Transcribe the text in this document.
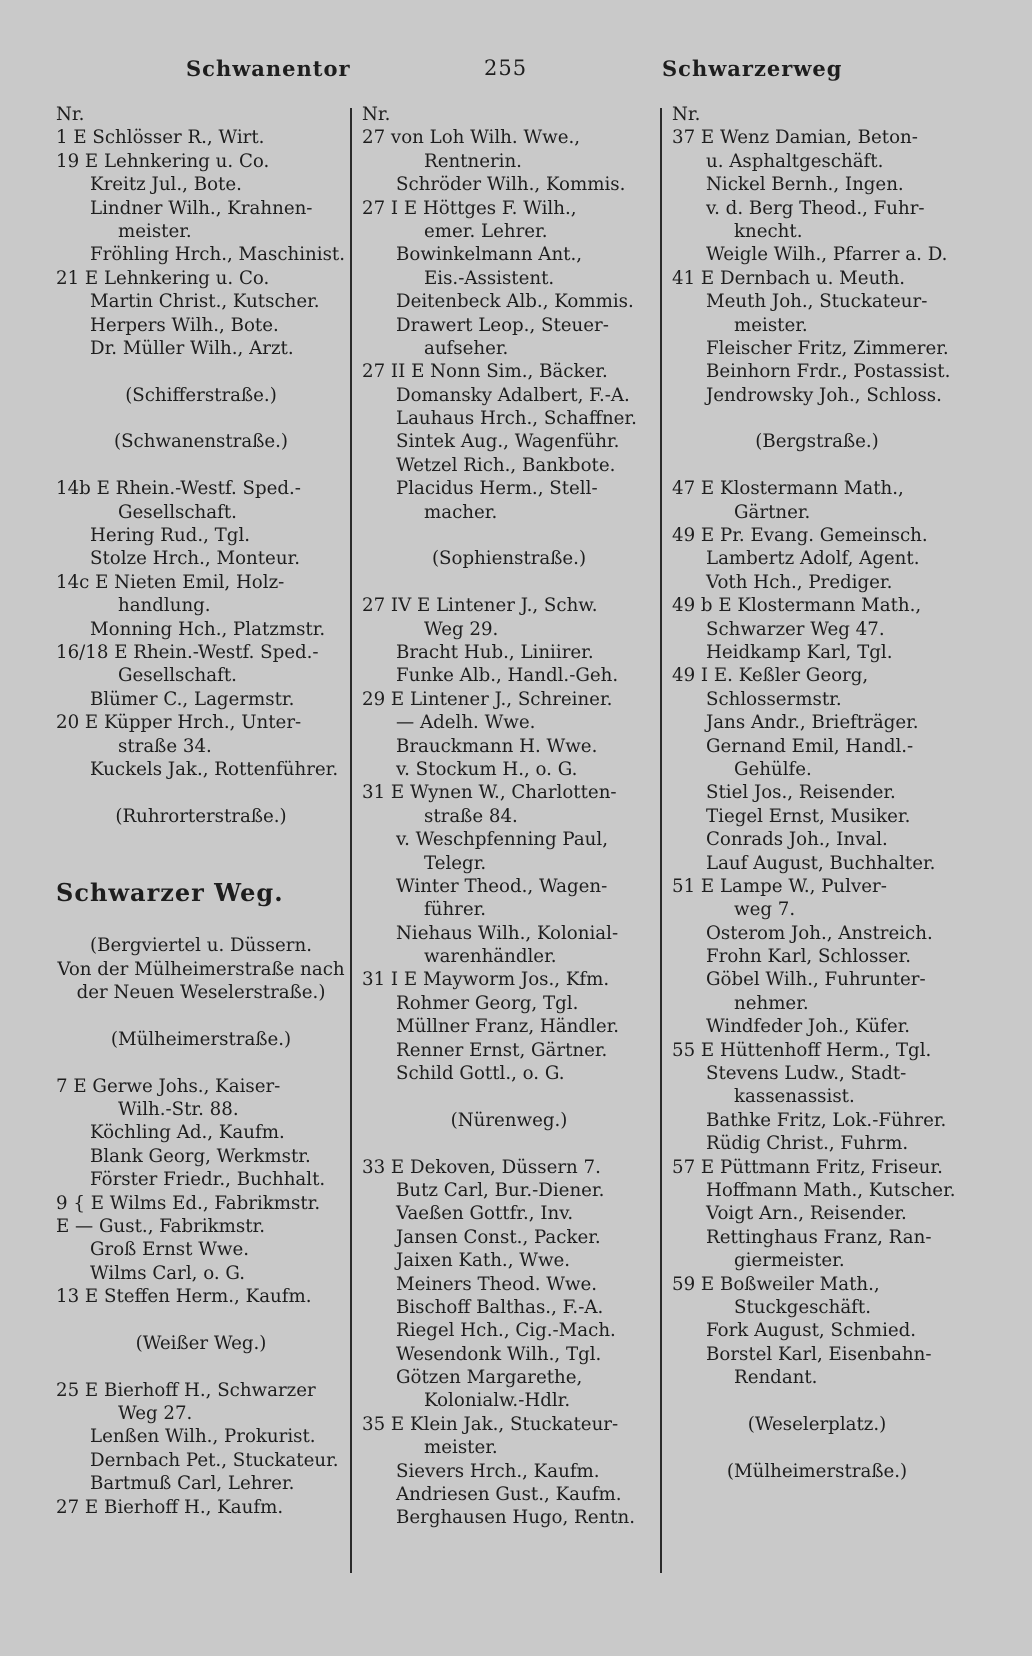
Schwanentor	255	Schwarzerweg
Nr.
1 E Schlösser R., Wirt.
19 E Lehnkering u. Co.
Kreitz Jul., Bote.
Lindner Wilh., Krahnen-
meister.
Fröhling Hrch., Maschinist.
21 E Lehnkering u. Co.
Martin Christ., Kutscher.
Herpers Wilh., Bote.
Dr. Müller Wilh., Arzt.
(Schifferstraße.)
(Schwanenstraße.)
14b E Rhein.-Westf. Sped.-
Gesellschaft.
Hering Rud., Tgl.
Stolze Hrch., Monteur.
14c E Nieten Emil, Holz-
handlung.
Monning Hch., Platzmstr.
16/18 E Rhein.-Westf. Sped.-
Gesellschaft.
Blümer C., Lagermstr.
20 E Küpper Hrch., Unter-
straße 34.
Kuckels Jak., Rottenführer.
(Ruhrorterstraße.)
Schwarzer Weg.
(Bergviertel u. Düssern.
Von der Mülheimerstraße nach
der Neuen Weselerstraße.)
(Mülheimerstraße.)
7 E Gerwe Johs., Kaiser-
Wilh.-Str. 88.
Köchling Ad., Kaufm.
Blank Georg, Werkmstr.
Förster Friedr., Buchhalt.
9 { E Wilms Ed., Fabrikmstr.
E — Gust., Fabrikmstr.
Groß Ernst Wwe.
Wilms Carl, o. G.
13 E Steffen Herm., Kaufm.
(Weißer Weg.)
25 E Bierhoff H., Schwarzer
Weg 27.
Lenßen Wilh., Prokurist.
Dernbach Pet., Stuckateur.
Bartmuß Carl, Lehrer.
27 E Bierhoff H., Kaufm.
Nr.
27 von Loh Wilh. Wwe.,
Rentnerin.
Schröder Wilh., Kommis.
27 I E Höttges F. Wilh.,
emer. Lehrer.
Bowinkelmann Ant.,
Eis.-Assistent.
Deitenbeck Alb., Kommis.
Drawert Leop., Steuer-
aufseher.
27 II E Nonn Sim., Bäcker.
Domansky Adalbert, F.-A.
Lauhaus Hrch., Schaffner.
Sintek Aug., Wagenführ.
Wetzel Rich., Bankbote.
Placidus Herm., Stell-
macher.
(Sophienstraße.)
27 IV E Lintener J., Schw.
Weg 29.
Bracht Hub., Liniirer.
Funke Alb., Handl.-Geh.
29 E Lintener J., Schreiner.
— Adelh. Wwe.
Brauckmann H. Wwe.
v. Stockum H., o. G.
31 E Wynen W., Charlotten-
straße 84.
v. Weschpfenning Paul,
Telegr.
Winter Theod., Wagen-
führer.
Niehaus Wilh., Kolonial-
warenhändler.
31 I E Mayworm Jos., Kfm.
Rohmer Georg, Tgl.
Müllner Franz, Händler.
Renner Ernst, Gärtner.
Schild Gottl., o. G.
(Nürenweg.)
33 E Dekoven, Düssern 7.
Butz Carl, Bur.-Diener.
Vaeßen Gottfr., Inv.
Jansen Const., Packer.
Jaixen Kath., Wwe.
Meiners Theod. Wwe.
Bischoff Balthas., F.-A.
Riegel Hch., Cig.-Mach.
Wesendonk Wilh., Tgl.
Götzen Margarethe,
Kolonialw.-Hdlr.
35 E Klein Jak., Stuckateur-
meister.
Sievers Hrch., Kaufm.
Andriesen Gust., Kaufm.
Berghausen Hugo, Rentn.
Nr.
37 E Wenz Damian, Beton-
u. Asphaltgeschäft.
Nickel Bernh., Ingen.
v. d. Berg Theod., Fuhr-
knecht.
Weigle Wilh., Pfarrer a. D.
41 E Dernbach u. Meuth.
Meuth Joh., Stuckateur-
meister.
Fleischer Fritz, Zimmerer.
Beinhorn Frdr., Postassist.
Jendrowsky Joh., Schloss.
(Bergstraße.)
47 E Klostermann Math.,
Gärtner.
49 E Pr. Evang. Gemeinsch.
Lambertz Adolf, Agent.
Voth Hch., Prediger.
49 b E Klostermann Math.,
Schwarzer Weg 47.
Heidkamp Karl, Tgl.
49 I E. Keßler Georg,
Schlossermstr.
Jans Andr., Briefträger.
Gernand Emil, Handl.-
Gehülfe.
Stiel Jos., Reisender.
Tiegel Ernst, Musiker.
Conrads Joh., Inval.
Lauf August, Buchhalter.
51 E Lampe W., Pulver-
weg 7.
Osterom Joh., Anstreich.
Frohn Karl, Schlosser.
Göbel Wilh., Fuhrunter-
nehmer.
Windfeder Joh., Küfer.
55 E Hüttenhoff Herm., Tgl.
Stevens Ludw., Stadt-
kassenassist.
Bathke Fritz, Lok.-Führer.
Rüdig Christ., Fuhrm.
57 E Püttmann Fritz, Friseur.
Hoffmann Math., Kutscher.
Voigt Arn., Reisender.
Rettinghaus Franz, Ran-
giermeister.
59 E Boßweiler Math.,
Stuckgeschäft.
Fork August, Schmied.
Borstel Karl, Eisenbahn-
Rendant.
(Weselerplatz.)
(Mülheimerstraße.)
